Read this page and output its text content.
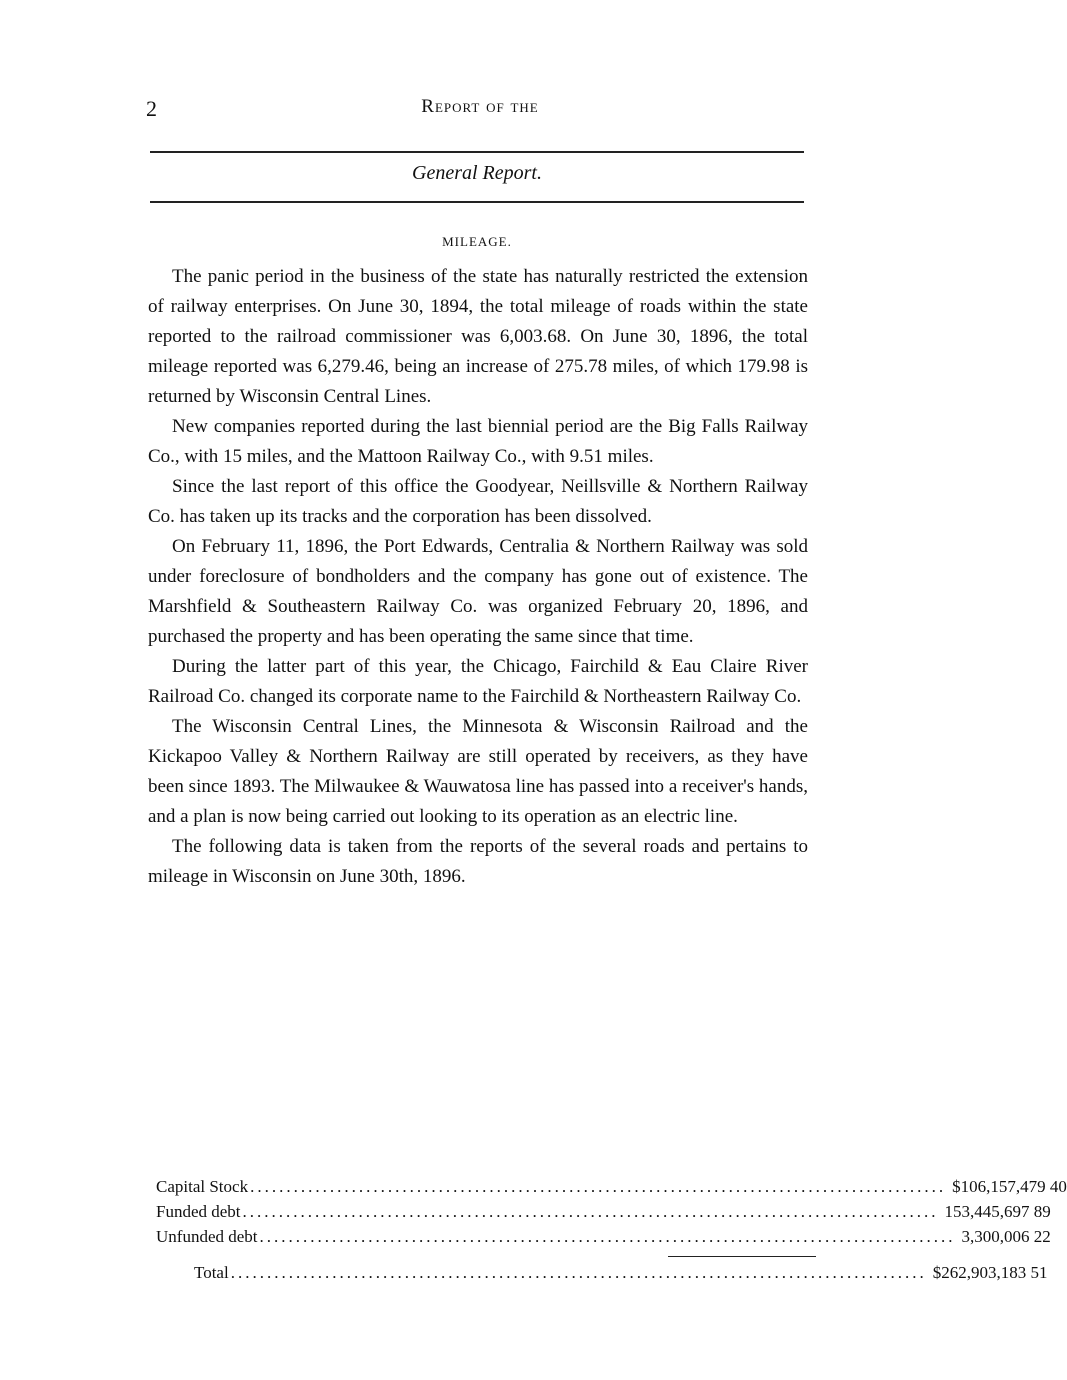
2	Report of the
General Report.
MILEAGE.

The panic period in the business of the state has naturally restricted the extension of railway enterprises. On June 30, 1894, the total mileage of roads within the state reported to the railroad commissioner was 6,003.68. On June 30, 1896, the total mileage reported was 6,279.46, being an increase of 275.78 miles, of which 179.98 is returned by Wisconsin Central Lines.

New companies reported during the last biennial period are the Big Falls Railway Co., with 15 miles, and the Mattoon Railway Co., with 9.51 miles.

Since the last report of this office the Goodyear, Neillsville & Northern Railway Co. has taken up its tracks and the corporation has been dissolved.

On February 11, 1896, the Port Edwards, Centralia & Northern Railway was sold under foreclosure of bondholders and the company has gone out of existence. The Marshfield & Southeastern Railway Co. was organized February 20, 1896, and purchased the property and has been operating the same since that time.

During the latter part of this year, the Chicago, Fairchild & Eau Claire River Railroad Co. changed its corporate name to the Fairchild & Northeastern Railway Co.

The Wisconsin Central Lines, the Minnesota & Wisconsin Railroad and the Kickapoo Valley & Northern Railway are still operated by receivers, as they have been since 1893. The Milwaukee & Wauwatosa line has passed into a receiver's hands, and a plan is now being carried out looking to its operation as an electric line.

The following data is taken from the reports of the several roads and pertains to mileage in Wisconsin on June 30th, 1896.

Capital Stock ................................................................................................ $106,157,479 40
Funded debt ................................................................................................ 153,445,697 89
Unfunded debt ................................................................................................ 3,300,006 22
Total ................................................................................................ $262,903,183 51
